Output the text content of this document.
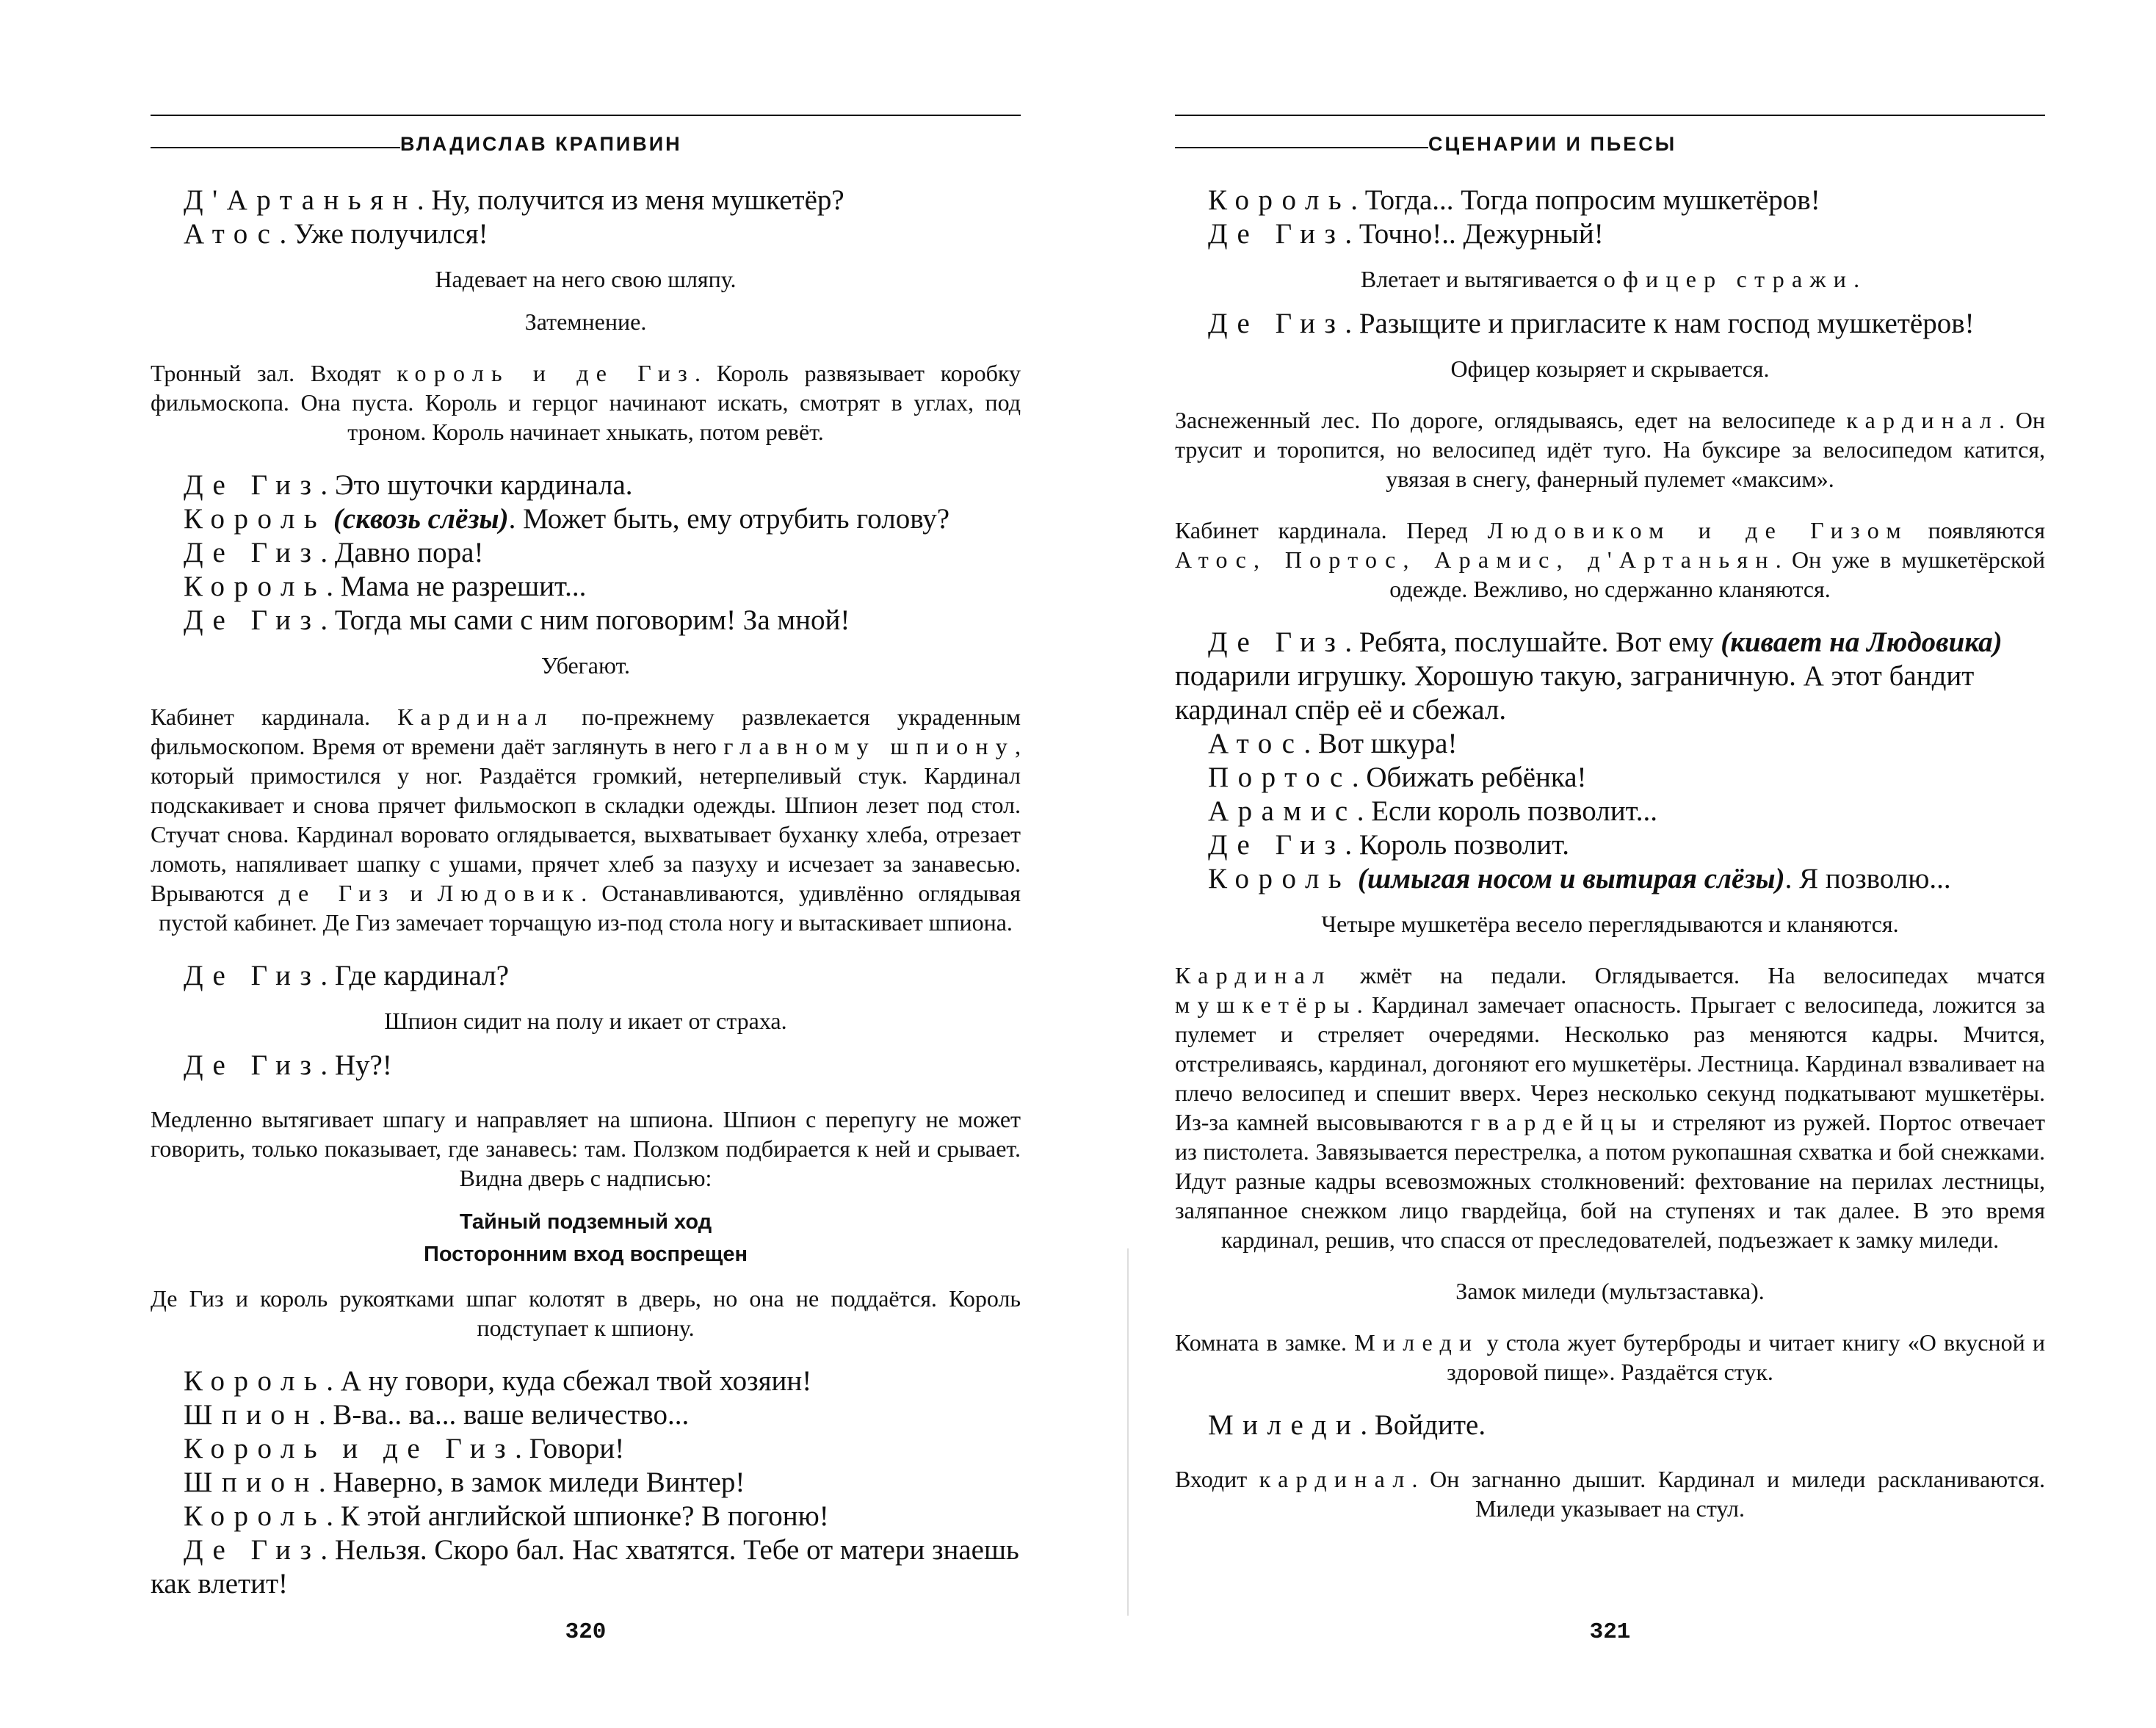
ВЛАДИСЛАВ КРАПИВИН

Д'Артаньян. Ну, получится из меня мушкетёр?

Атос. Уже получился!

Надевает на него свою шляпу.

Затемнение.

Тронный зал. Входят король и де Гиз. Король развязывает коробку фильмоскопа. Она пуста. Король и герцог начинают искать, смотрят в углах, под троном. Король начинает хныкать, потом ревёт.

Де Гиз. Это шуточки кардинала.

Король (сквозь слёзы). Может быть, ему отрубить голову?

Де Гиз. Давно пора!

Король. Мама не разрешит...

Де Гиз. Тогда мы сами с ним поговорим! За мной!

Убегают.

Кабинет кардинала. Кардинал по-прежнему развлекается украденным фильмоскопом. Время от времени даёт заглянуть в него главному шпиону, который примостился у ног. Раздаётся громкий, нетерпеливый стук. Кардинал подскакивает и снова прячет фильмоскоп в складки одежды. Шпион лезет под стол. Стучат снова. Кардинал воровато оглядывается, выхватывает буханку хлеба, отрезает ломоть, напяливает шапку с ушами, прячет хлеб за пазуху и исчезает за занавесью. Врываются де Гиз и Людовик. Останавливаются, удивлённо оглядывая пустой кабинет. Де Гиз замечает торчащую из-под стола ногу и вытаскивает шпиона.

Де Гиз. Где кардинал?

Шпион сидит на полу и икает от страха.

Де Гиз. Ну?!

Медленно вытягивает шпагу и направляет на шпиона. Шпион с перепугу не может говорить, только показывает, где занавесь: там. Ползком подбирается к ней и срывает. Видна дверь с надписью:

Тайный подземный ход

Посторонним вход воспрещен

Де Гиз и король рукоятками шпаг колотят в дверь, но она не поддаётся. Король подступает к шпиону.

Король. А ну говори, куда сбежал твой хозяин!

Шпион. В-ва.. ва... ваше величество...

Король и де Гиз. Говори!

Шпион. Наверно, в замок миледи Винтер!

Король. К этой английской шпионке? В погоню!

Де Гиз. Нельзя. Скоро бал. Нас хватятся. Тебе от матери знаешь как влетит!

320
СЦЕНАРИИ И ПЬЕСЫ

Король. Тогда... Тогда попросим мушкетёров!

Де Гиз. Точно!.. Дежурный!

Влетает и вытягивается офицер стражи.

Де Гиз. Разыщите и пригласите к нам господ мушкетёров!

Офицер козыряет и скрывается.

Заснеженный лес. По дороге, оглядываясь, едет на велосипеде кардинал. Он трусит и торопится, но велосипед идёт туго. На буксире за велосипедом катится, увязая в снегу, фанерный пулемет «максим».

Кабинет кардинала. Перед Людовиком и де Гизом появляются Атос, Портос, Арамис, д'Артаньян. Он уже в мушкетёрской одежде. Вежливо, но сдержанно кланяются.

Де Гиз. Ребята, послушайте. Вот ему (кивает на Людовика) подарили игрушку. Хорошую такую, заграничную. А этот бандит кардинал спёр её и сбежал.

Атос. Вот шкура!

Портос. Обижать ребёнка!

Арамис. Если король позволит...

Де Гиз. Король позволит.

Король (шмыгая носом и вытирая слёзы). Я позволю...

Четыре мушкетёра весело переглядываются и кланяются.

Кардинал жмёт на педали. Оглядывается. На велосипедах мчатся мушкетёры. Кардинал замечает опасность. Прыгает с велосипеда, ложится за пулемет и стреляет очередями. Несколько раз меняются кадры. Мчится, отстреливаясь, кардинал, догоняют его мушкетёры. Лестница. Кардинал взваливает на плечо велосипед и спешит вверх. Через несколько секунд подкатывают мушкетёры. Из-за камней высовываются гвардейцы и стреляют из ружей. Портос отвечает из пистолета. Завязывается перестрелка, а потом рукопашная схватка и бой снежками. Идут разные кадры всевозможных столкновений: фехтование на перилах лестницы, заляпанное снежком лицо гвардейца, бой на ступенях и так далее. В это время кардинал, решив, что спасся от преследователей, подъезжает к замку миледи.

Замок миледи (мультзаставка).

Комната в замке. Миледи у стола жует бутерброды и читает книгу «О вкусной и здоровой пище». Раздаётся стук.

Миледи. Войдите.

Входит кардинал. Он загнанно дышит. Кардинал и миледи раскланиваются. Миледи указывает на стул.

321
